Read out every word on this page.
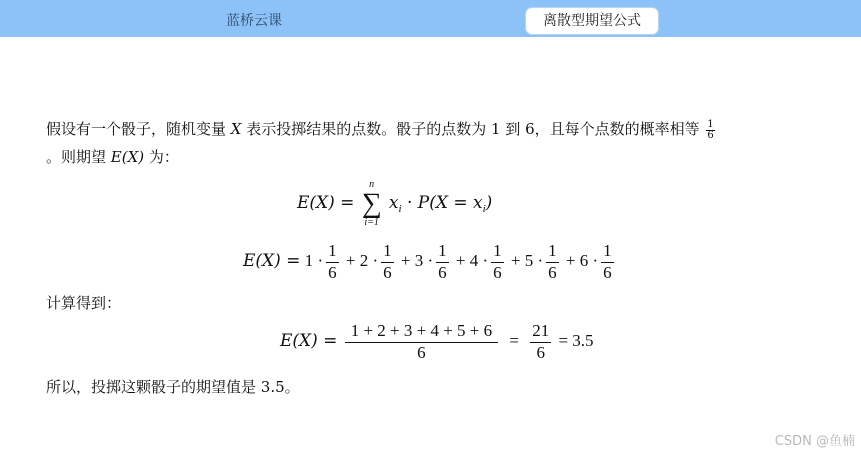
蓝桥云课	离散型期望公式
假设有一个骰子，随机变量 X 表示投掷结果的点数。骰子的点数为 1 到 6，且每个点数的概率相等 $\frac{1}{6}$
。则期望 E(X) 为：
计算得到：
所以，投掷这颗骰子的期望值是 3.5。
E(X) =
n
∑
i=1
$x_i \cdot P(X = x_i)$
$E(X) = 1 \cdot \frac{1}{6} + 2 \cdot \frac{1}{6} + 3 \cdot \frac{1}{6} + 4 \cdot \frac{1}{6} + 5 \cdot \frac{1}{6} + 6 \cdot \frac{1}{6}$
$E(X) = \frac{1 + 2 + 3 + 4 + 5 + 6}{6} = \frac{21}{6} = 3.5$
CSDN @鱼楠
